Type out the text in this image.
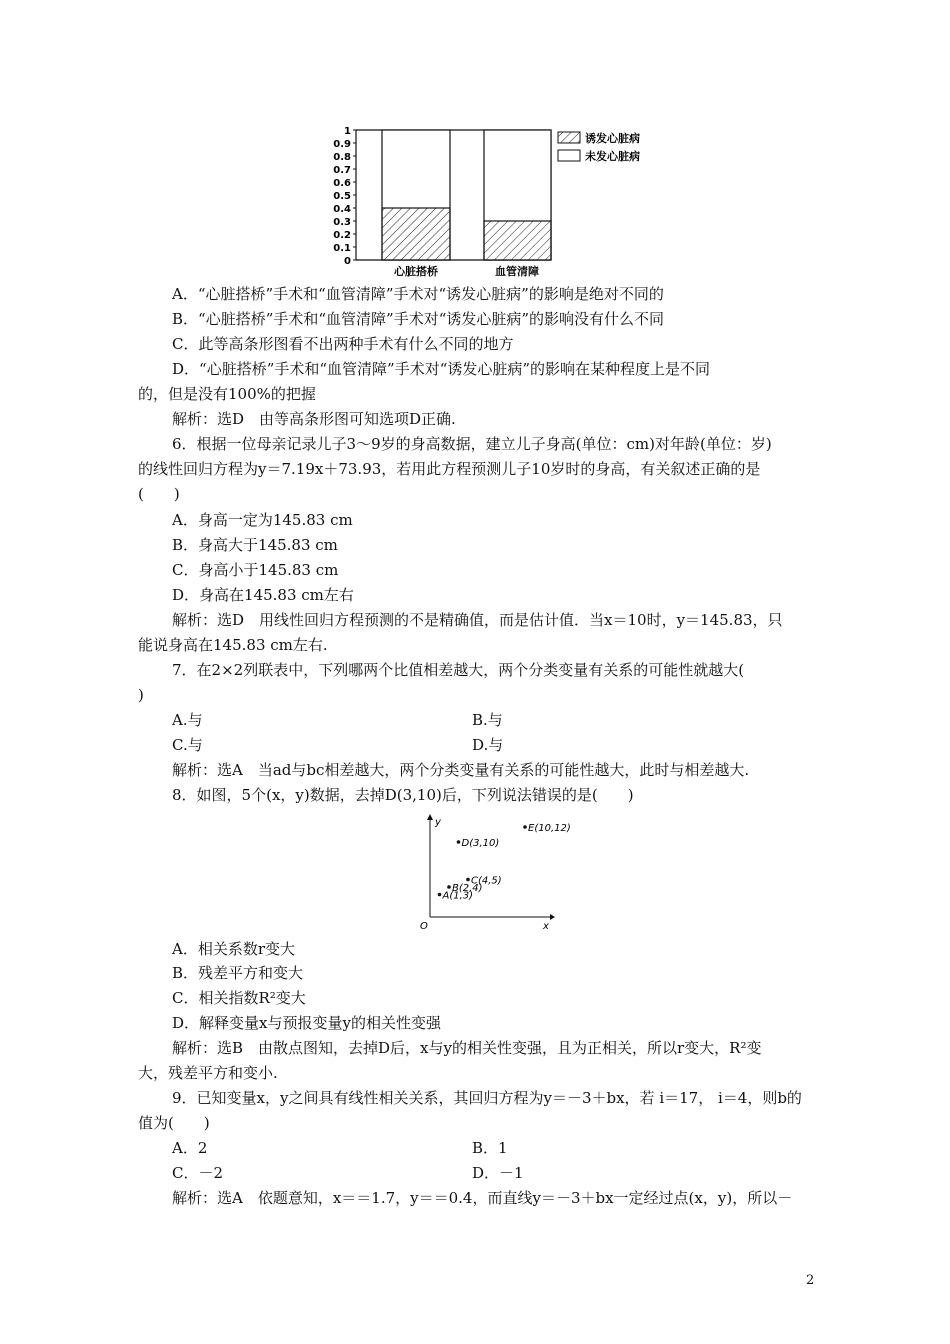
0
0.1
0.2
0.3
0.4
0.5
0.6
0.7
0.8
0.9
1
心脏搭桥	血管清障
诱发心脏病
未发心脏病
A．“心脏搭桥”手术和“血管清障”手术对“诱发心脏病”的影响是绝对不同的
B．“心脏搭桥”手术和“血管清障”手术对“诱发心脏病”的影响没有什么不同
C．此等高条形图看不出两种手术有什么不同的地方
D．“心脏搭桥”手术和“血管清障”手术对“诱发心脏病”的影响在某种程度上是不同
的，但是没有100%的把握
解析：选D　由等高条形图可知选项D正确.
6．根据一位母亲记录儿子3～9岁的身高数据，建立儿子身高(单位：cm)对年龄(单位：岁)
的线性回归方程为y＝7.19x＋73.93，若用此方程预测儿子10岁时的身高，有关叙述正确的是
(　　)
A．身高一定为145.83 cm
B．身高大于145.83 cm
C．身高小于145.83 cm
D．身高在145.83 cm左右
解析：选D　用线性回归方程预测的不是精确值，而是估计值．当x＝10时，y＝145.83，只
能说身高在145.83 cm左右.
7．在2×2列联表中，下列哪两个比值相差越大，两个分类变量有关系的可能性就越大(
)
A.与	B.与
C.与	D.与
解析：选A　当ad与bc相差越大，两个分类变量有关系的可能性越大，此时与相差越大.
8．如图，5个(x，y)数据，去掉D(3,10)后，下列说法错误的是(　　)
x
y
O
A(1,3)
B(2,4)
C(4,5)
D(3,10)
E(10,12)
A．相关系数r变大
B．残差平方和变大
C．相关指数R²变大
D．解释变量x与预报变量y的相关性变强
解析：选B　由散点图知，去掉D后，x与y的相关性变强，且为正相关，所以r变大，R²变
大，残差平方和变小.
9．已知变量x，y之间具有线性相关关系，其回归方程为y＝－3＋bx，若 i＝17， i＝4，则b的
值为(　　)
A．2	B．1
C．－2	D．－1
解析：选A　依题意知，x＝＝1.7，y＝＝0.4，而直线y＝－3＋bx一定经过点(x，y)，所以－
2
